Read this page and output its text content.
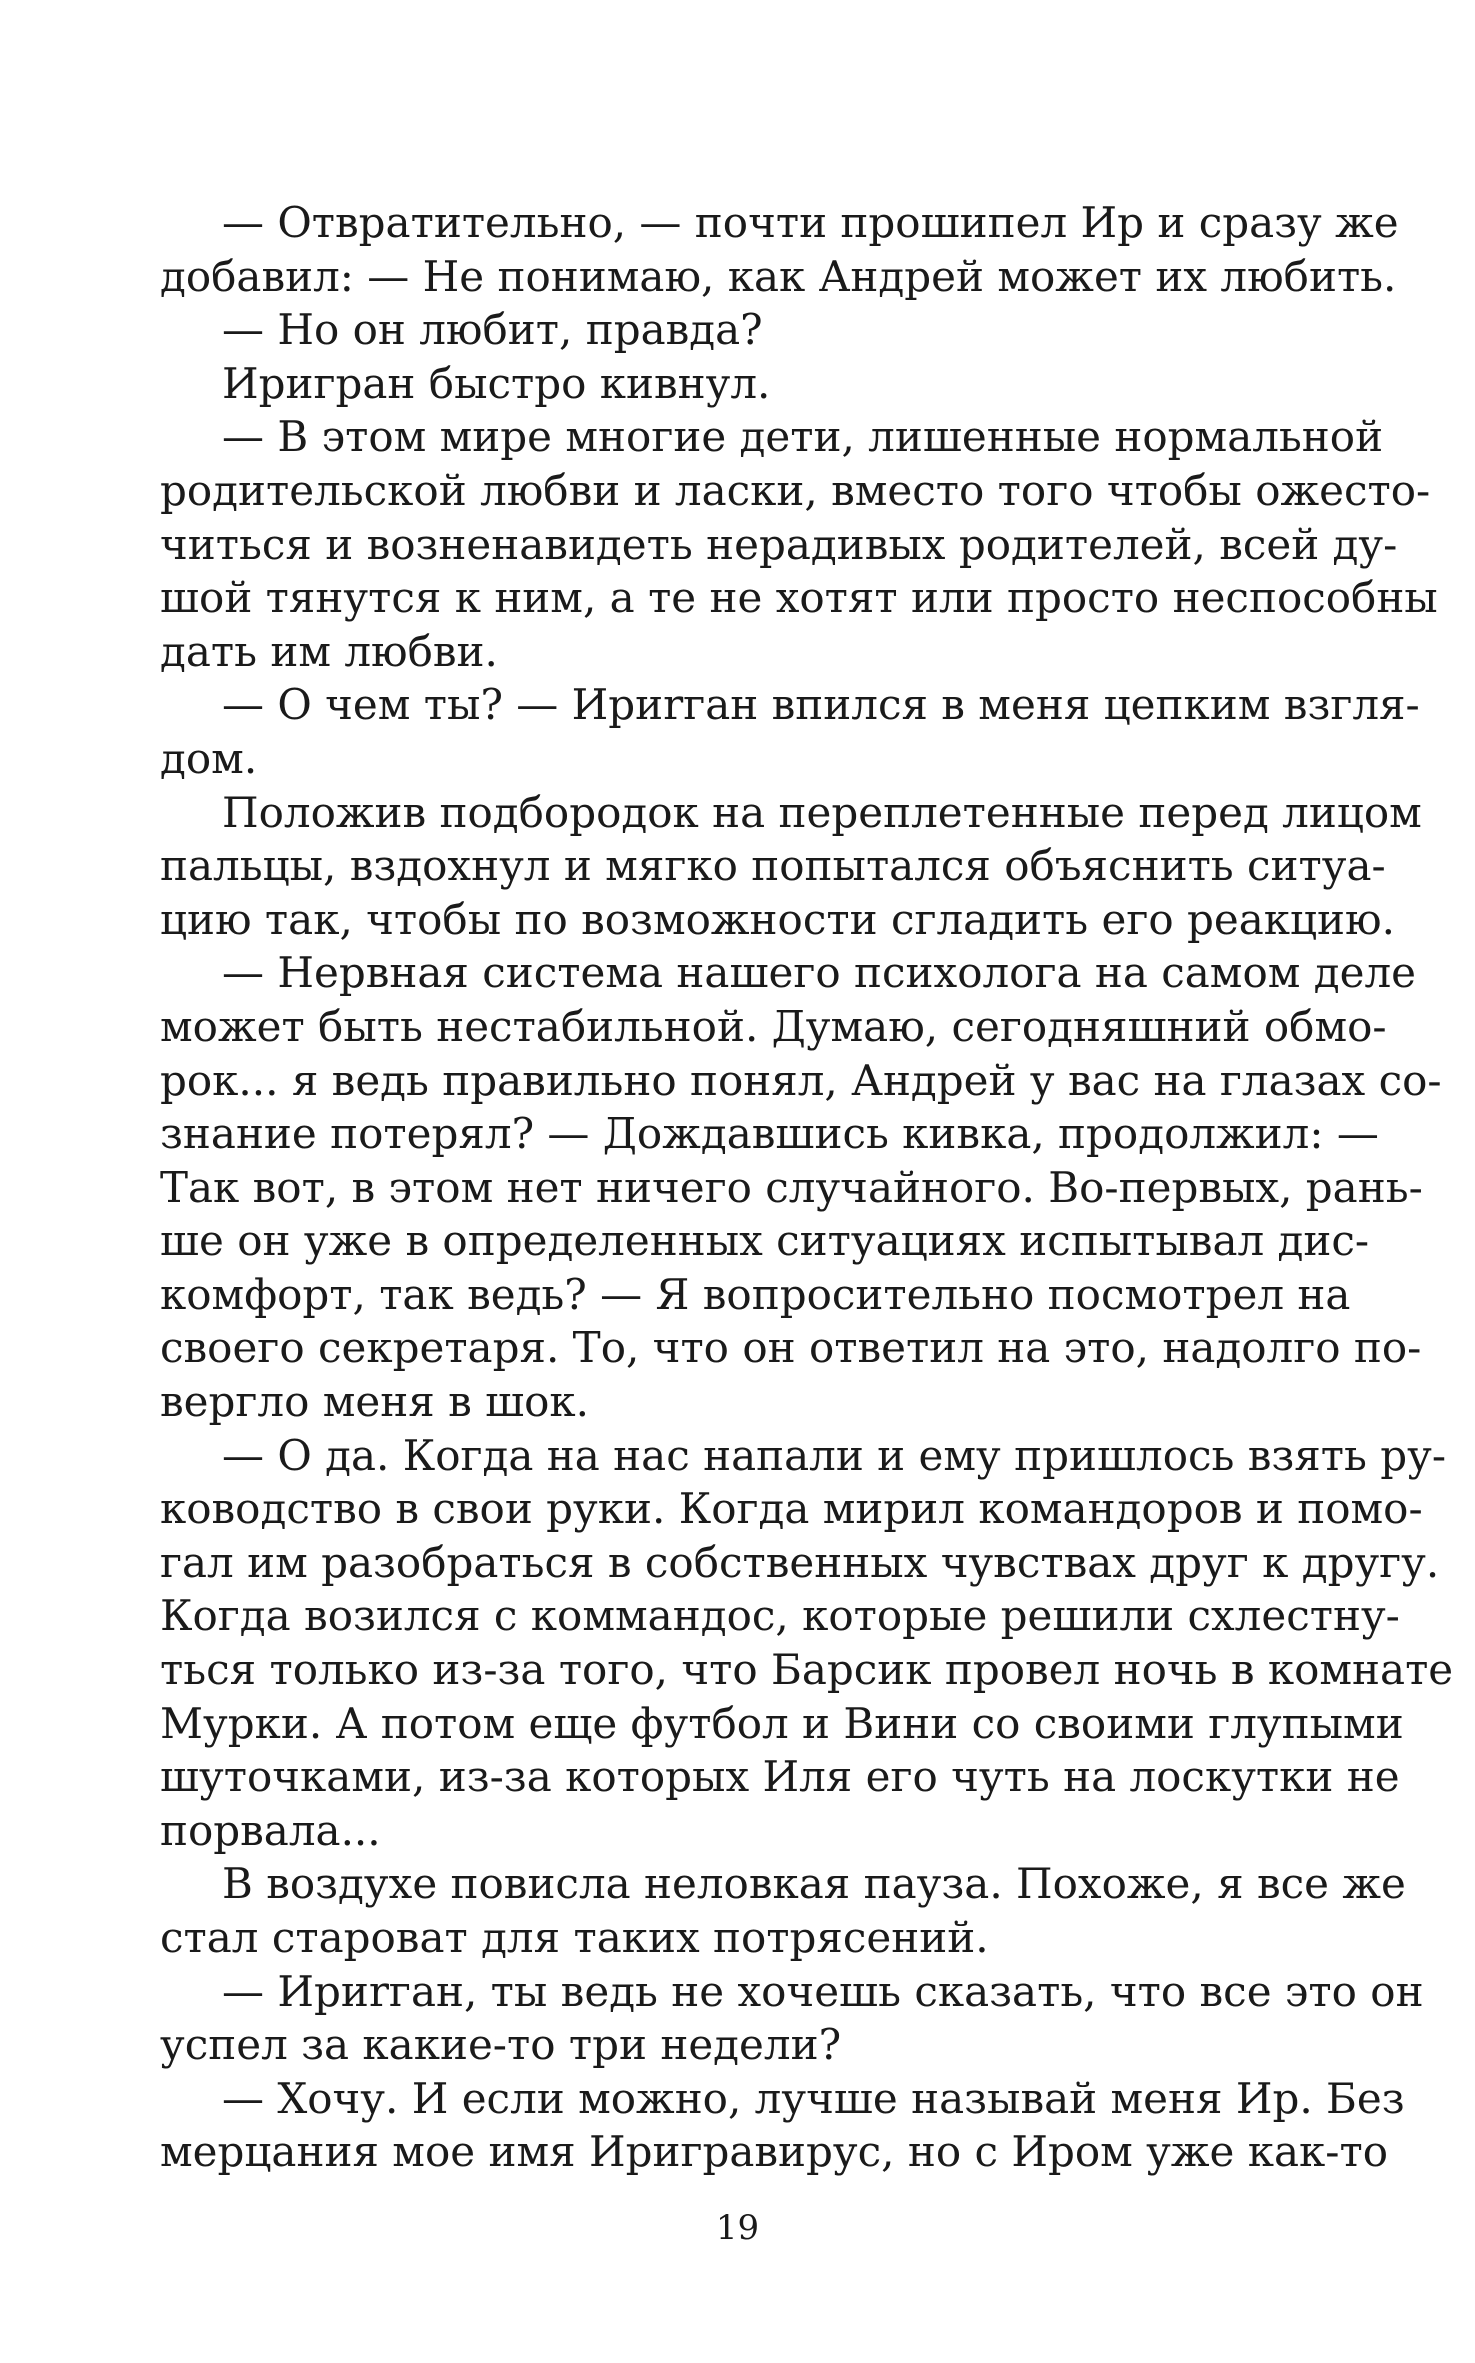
— Отвратительно, — почти прошипел Ир и сразу же
добавил: — Не понимаю, как Андрей может их любить.
— Но он любит, правда?
Иригран быстро кивнул.
— В этом мире многие дети, лишенные нормальной
родительской любви и ласки, вместо того чтобы ожесто-
читься и возненавидеть нерадивых родителей, всей ду-
шой тянутся к ним, а те не хотят или просто неспособны
дать им любви.
— О чем ты? — Ириrган впился в меня цепким взгля-
дом.
Положив подбородок на переплетенные перед лицом
пальцы, вздохнул и мягко попытался объяснить ситуа-
цию так, чтобы по возможности сгладить его реакцию.
— Нервная система нашего психолога на самом деле
может быть нестабильной. Думаю, сегодняшний обмо-
рок... я ведь правильно понял, Андрей у вас на глазах со-
знание потерял? — Дождавшись кивка, продолжил: —
Так вот, в этом нет ничего случайного. Во-первых, рань-
ше он уже в определенных ситуациях испытывал дис-
комфорт, так ведь? — Я вопросительно посмотрел на
своего секретаря. То, что он ответил на это, надолго по-
вергло меня в шок.
— О да. Когда на нас напали и ему пришлось взять ру-
ководство в свои руки. Когда мирил командоров и помо-
гал им разобраться в собственных чувствах друг к другу.
Когда возился с коммандос, которые решили схлестну-
ться только из-за того, что Барсик провел ночь в комнате
Мурки. А потом еще футбол и Вини со своими глупыми
шуточками, из-за которых Иля его чуть на лоскутки не
порвала...
В воздухе повисла неловкая пауза. Похоже, я все же
стал староват для таких потрясений.
— Ириrган, ты ведь не хочешь сказать, что все это он
успел за какие-то три недели?
— Хочу. И если можно, лучше называй меня Ир. Без
мерцания мое имя Иригравирус, но с Иром уже как-то
19
